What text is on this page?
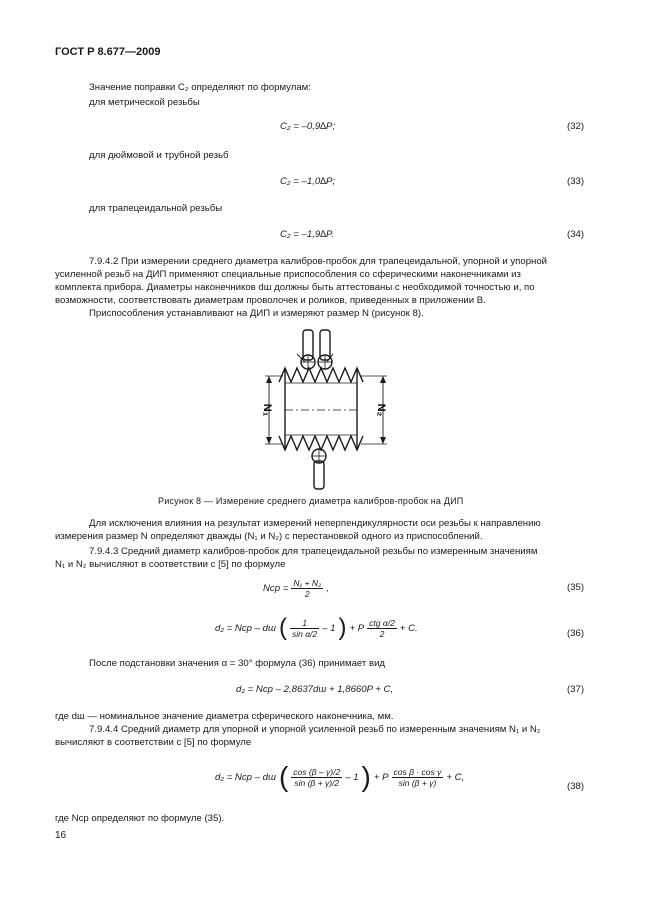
ГОСТ Р 8.677—2009
Значение поправки C₂ определяют по формулам:
для метрической резьбы
C₂ = –0,9∆P;	(32)
для дюймовой и трубной резьб
C₂ = –1,0∆P;	(33)
для трапецеидальной резьбы
C₂ = –1,9∆P.	(34)
7.9.4.2 При измерении среднего диаметра калибров-пробок для трапецеидальной, упорной и упорной
усиленной резьб на ДИП применяют специальные приспособления со сферическими наконечниками из
комплекта прибора. Диаметры наконечников dш должны быть аттестованы с необходимой точностью и, по
возможности, соответствовать диаметрам проволочек и роликов, приведенных в приложении В.
Приспособления устанавливают на ДИП и измеряют размер N (рисунок 8).
N₁	N₂
Рисунок 8 — Измерение среднего диаметра калибров-пробок на ДИП
Для исключения влияния на результат измерений неперпендикулярности оси резьбы к направлению
измерения размер N определяют дважды (N₁ и N₂) с перестановкой одного из приспособлений.
7.9.4.3 Средний диаметр калибров-пробок для трапецеидальной резьбы по измеренным значениям
N₁ и N₂ вычисляют в соответствии с [5] по формуле
Nср = $\frac{\text{N₁ + N₂}}{2}$ ,	(35)
d₂ = Nср – dш ( $\frac{1}{\text{sin α/2}} - 1$ ) + P $\frac{\text{ctg α/2}}{2} + C$.	(36)
После подстановки значения α = 30° формула (36) принимает вид
d₂ = Nср – 2,8637dш + 1,8660P + C,	(37)
где dш — номинальное значение диаметра сферического наконечника, мм.
7.9.4.4 Средний диаметр для упорной и упорной усиленной резьб по измеренным значениям N₁ и N₂
вычисляют в соответствии с [5] по формуле
d₂ = Nср – dш ( $\frac{\cos (\beta - \gamma)/2}{\sin (\beta + \gamma)/2} - 1$ ) + P $\frac{\text{cos β · cos γ}}{\sin (\beta + \gamma)} + C$,
(38)
где Nср определяют по формуле (35).
16
